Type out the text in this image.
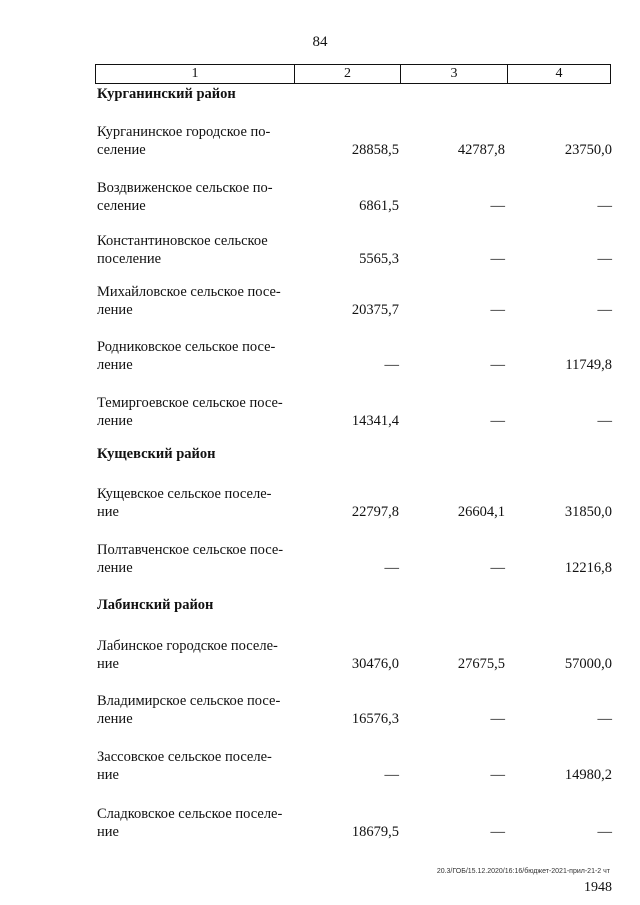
84
1	2	3	4
Курганинский район
Курганинское городское по-
селение	28858,5	42787,8	23750,0
Воздвиженское сельское по-
селение	6861,5	—	—
Константиновское сельское
поселение	5565,3	—	—
Михайловское сельское посе-
ление	20375,7	—	—
Родниковское сельское посе-
ление	—	—	11749,8
Темиргоевское сельское посе-
ление	14341,4	—	—
Кущевский район
Кущевское сельское поселе-
ние	22797,8	26604,1	31850,0
Полтавченское сельское посе-
ление	—	—	12216,8
Лабинский район
Лабинское городское поселе-
ние	30476,0	27675,5	57000,0
Владимирское сельское посе-
ление	16576,3	—	—
Зассовское сельское поселе-
ние	—	—	14980,2
Сладковское сельское поселе-
ние	18679,5	—	—
20.3/ГОБ/15.12.2020/16:16/бюджет-2021-прил-21-2 чт
1948
